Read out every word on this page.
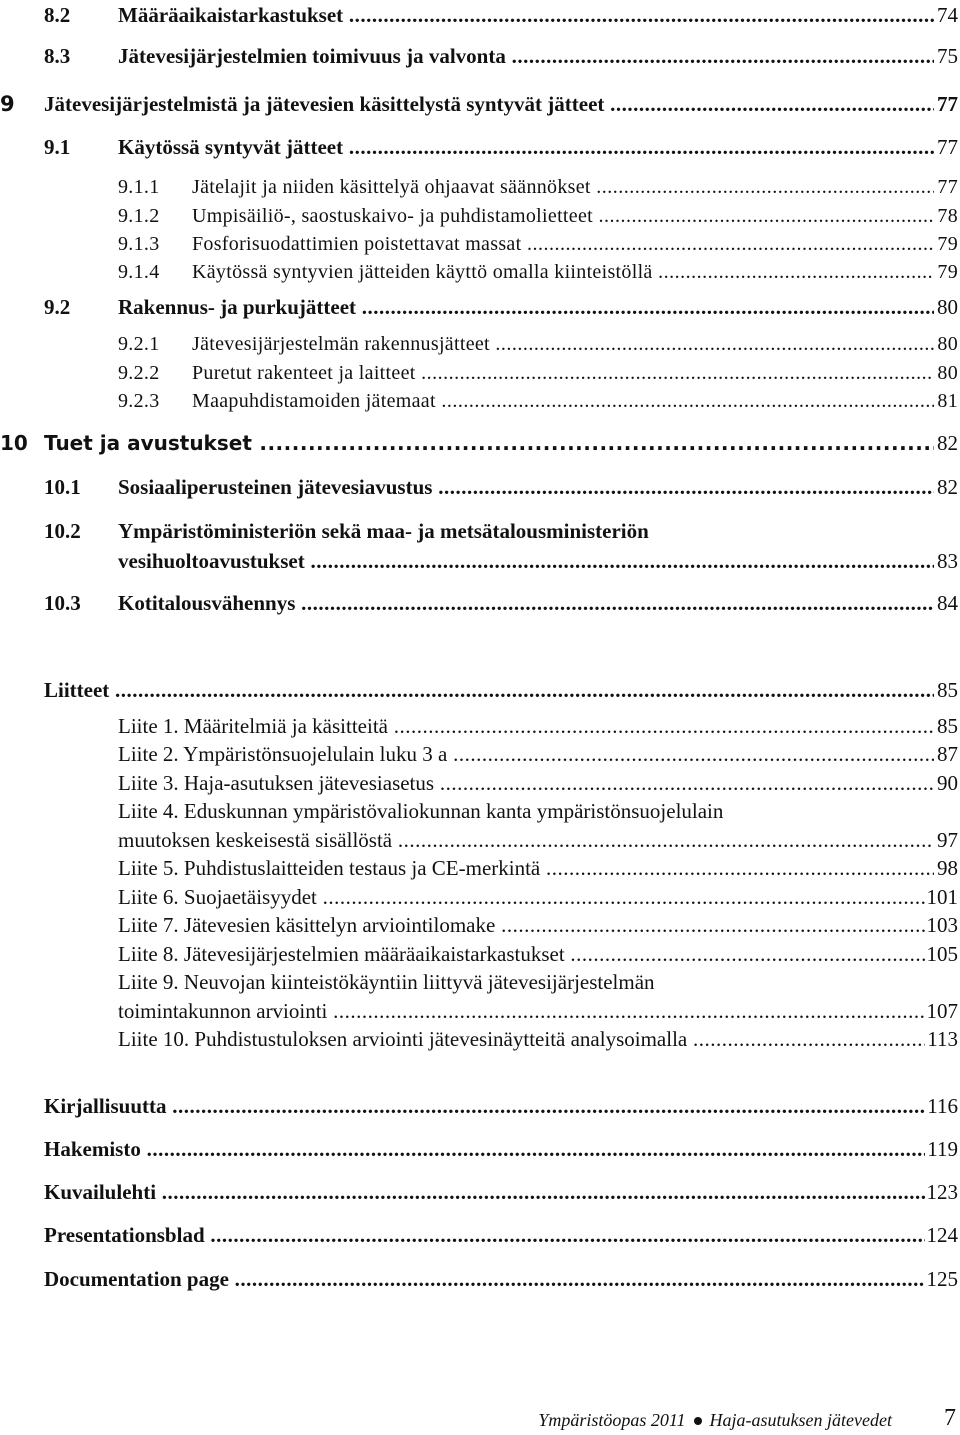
8.2 Määräaikaistarkastukset .....	74
8.3 Jätevesijärjestelmien toimivuus ja valvonta .....	75
9 Jätevesijärjestelmistä ja jätevesien käsittelystä syntyvät jätteet .....	77
9.1 Käytössä syntyvät jätteet .....	77
9.1.1 Jätelajit ja niiden käsittelyä ohjaavat säännökset .....	77
9.1.2 Umpisäiliö-, saostuskaivo- ja puhdistamolietteet .....	78
9.1.3 Fosforisuodattimien poistettavat massat .....	79
9.1.4 Käytössä syntyvien jätteiden käyttö omalla kiinteistöllä .....	79
9.2 Rakennus- ja purkujätteet .....	80
9.2.1 Jätevesijärjestelmän rakennusjätteet .....	80
9.2.2 Puretut rakenteet ja laitteet .....	80
9.2.3 Maapuhdistamoiden jätemaat .....	81
10 Tuet ja avustukset .....	82
10.1 Sosiaaliperusteinen jätevesiavustus .....	82
10.2 Ympäristöministeriön sekä maa- ja metsätalousministeriön
vesihuoltoavustukset .....	83
10.3 Kotitalousvähennys .....	84
Liitteet .....	85
Liite 1. Määritelmiä ja käsitteitä .....	85
Liite 2. Ympäristönsuojelulain luku 3 a .....	87
Liite 3. Haja-asutuksen jätevesiasetus .....	90
Liite 4. Eduskunnan ympäristövaliokunnan kanta ympäristönsuojelulain
muutoksen keskeisestä sisällöstä .....	97
Liite 5. Puhdistuslaitteiden testaus ja CE-merkintä .....	98
Liite 6. Suojaetäisyydet .....	101
Liite 7. Jätevesien käsittelyn arviointilomake .....	103
Liite 8. Jätevesijärjestelmien määräaikaistarkastukset .....	105
Liite 9. Neuvojan kiinteistökäyntiin liittyvä jätevesijärjestelmän
toimintakunnon arviointi .....	107
Liite 10. Puhdistustuloksen arviointi jätevesinäytteitä analysoimalla .....	113
Kirjallisuutta .....	116
Hakemisto .....	119
Kuvailulehti .....	123
Presentationsblad .....	124
Documentation page .....	125
Ympäristöopas 2011 Haja-asutuksen jätevedet 7
